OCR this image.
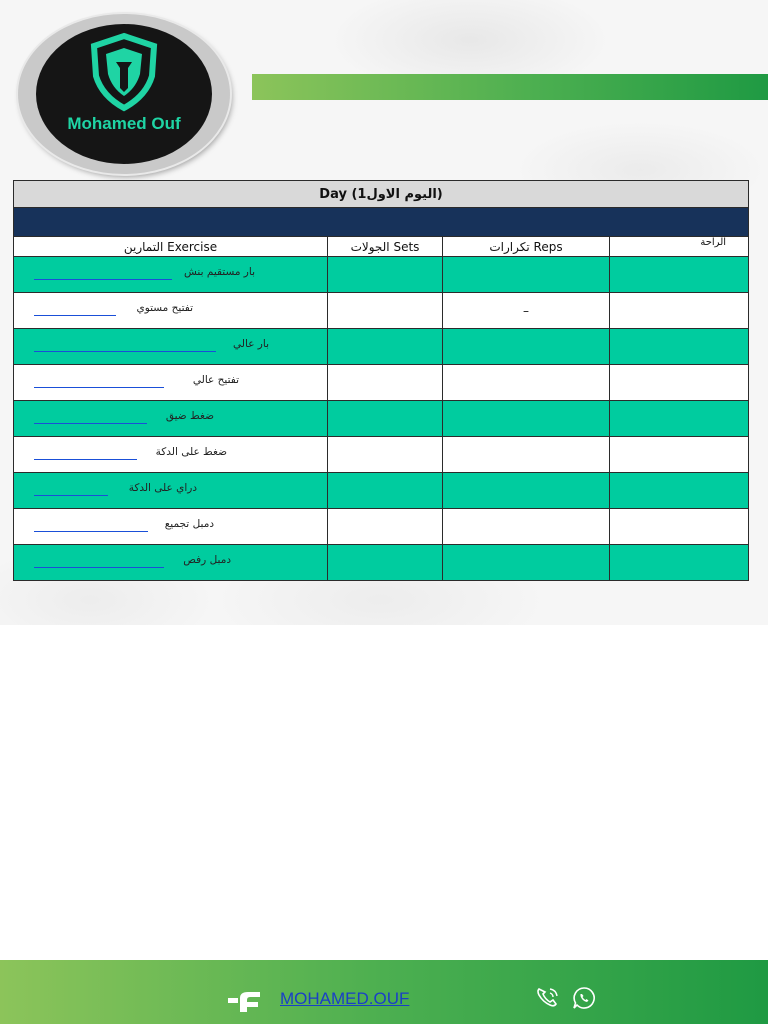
Mohamed Ouf
Day (اليوم الاول1)			

التمارين Exercise	الجولات Sets	تكرارات Reps	الراحة

بار مستقيم بنش			

تفتيح مستوي		–	

بار عالي			

تفتيح عالي			

ضغط ضيق			

ضغط على الدكة			

دراي على الدكة			

دمبل تجميع			

دمبل رفص			

MOHAMED.OUF
